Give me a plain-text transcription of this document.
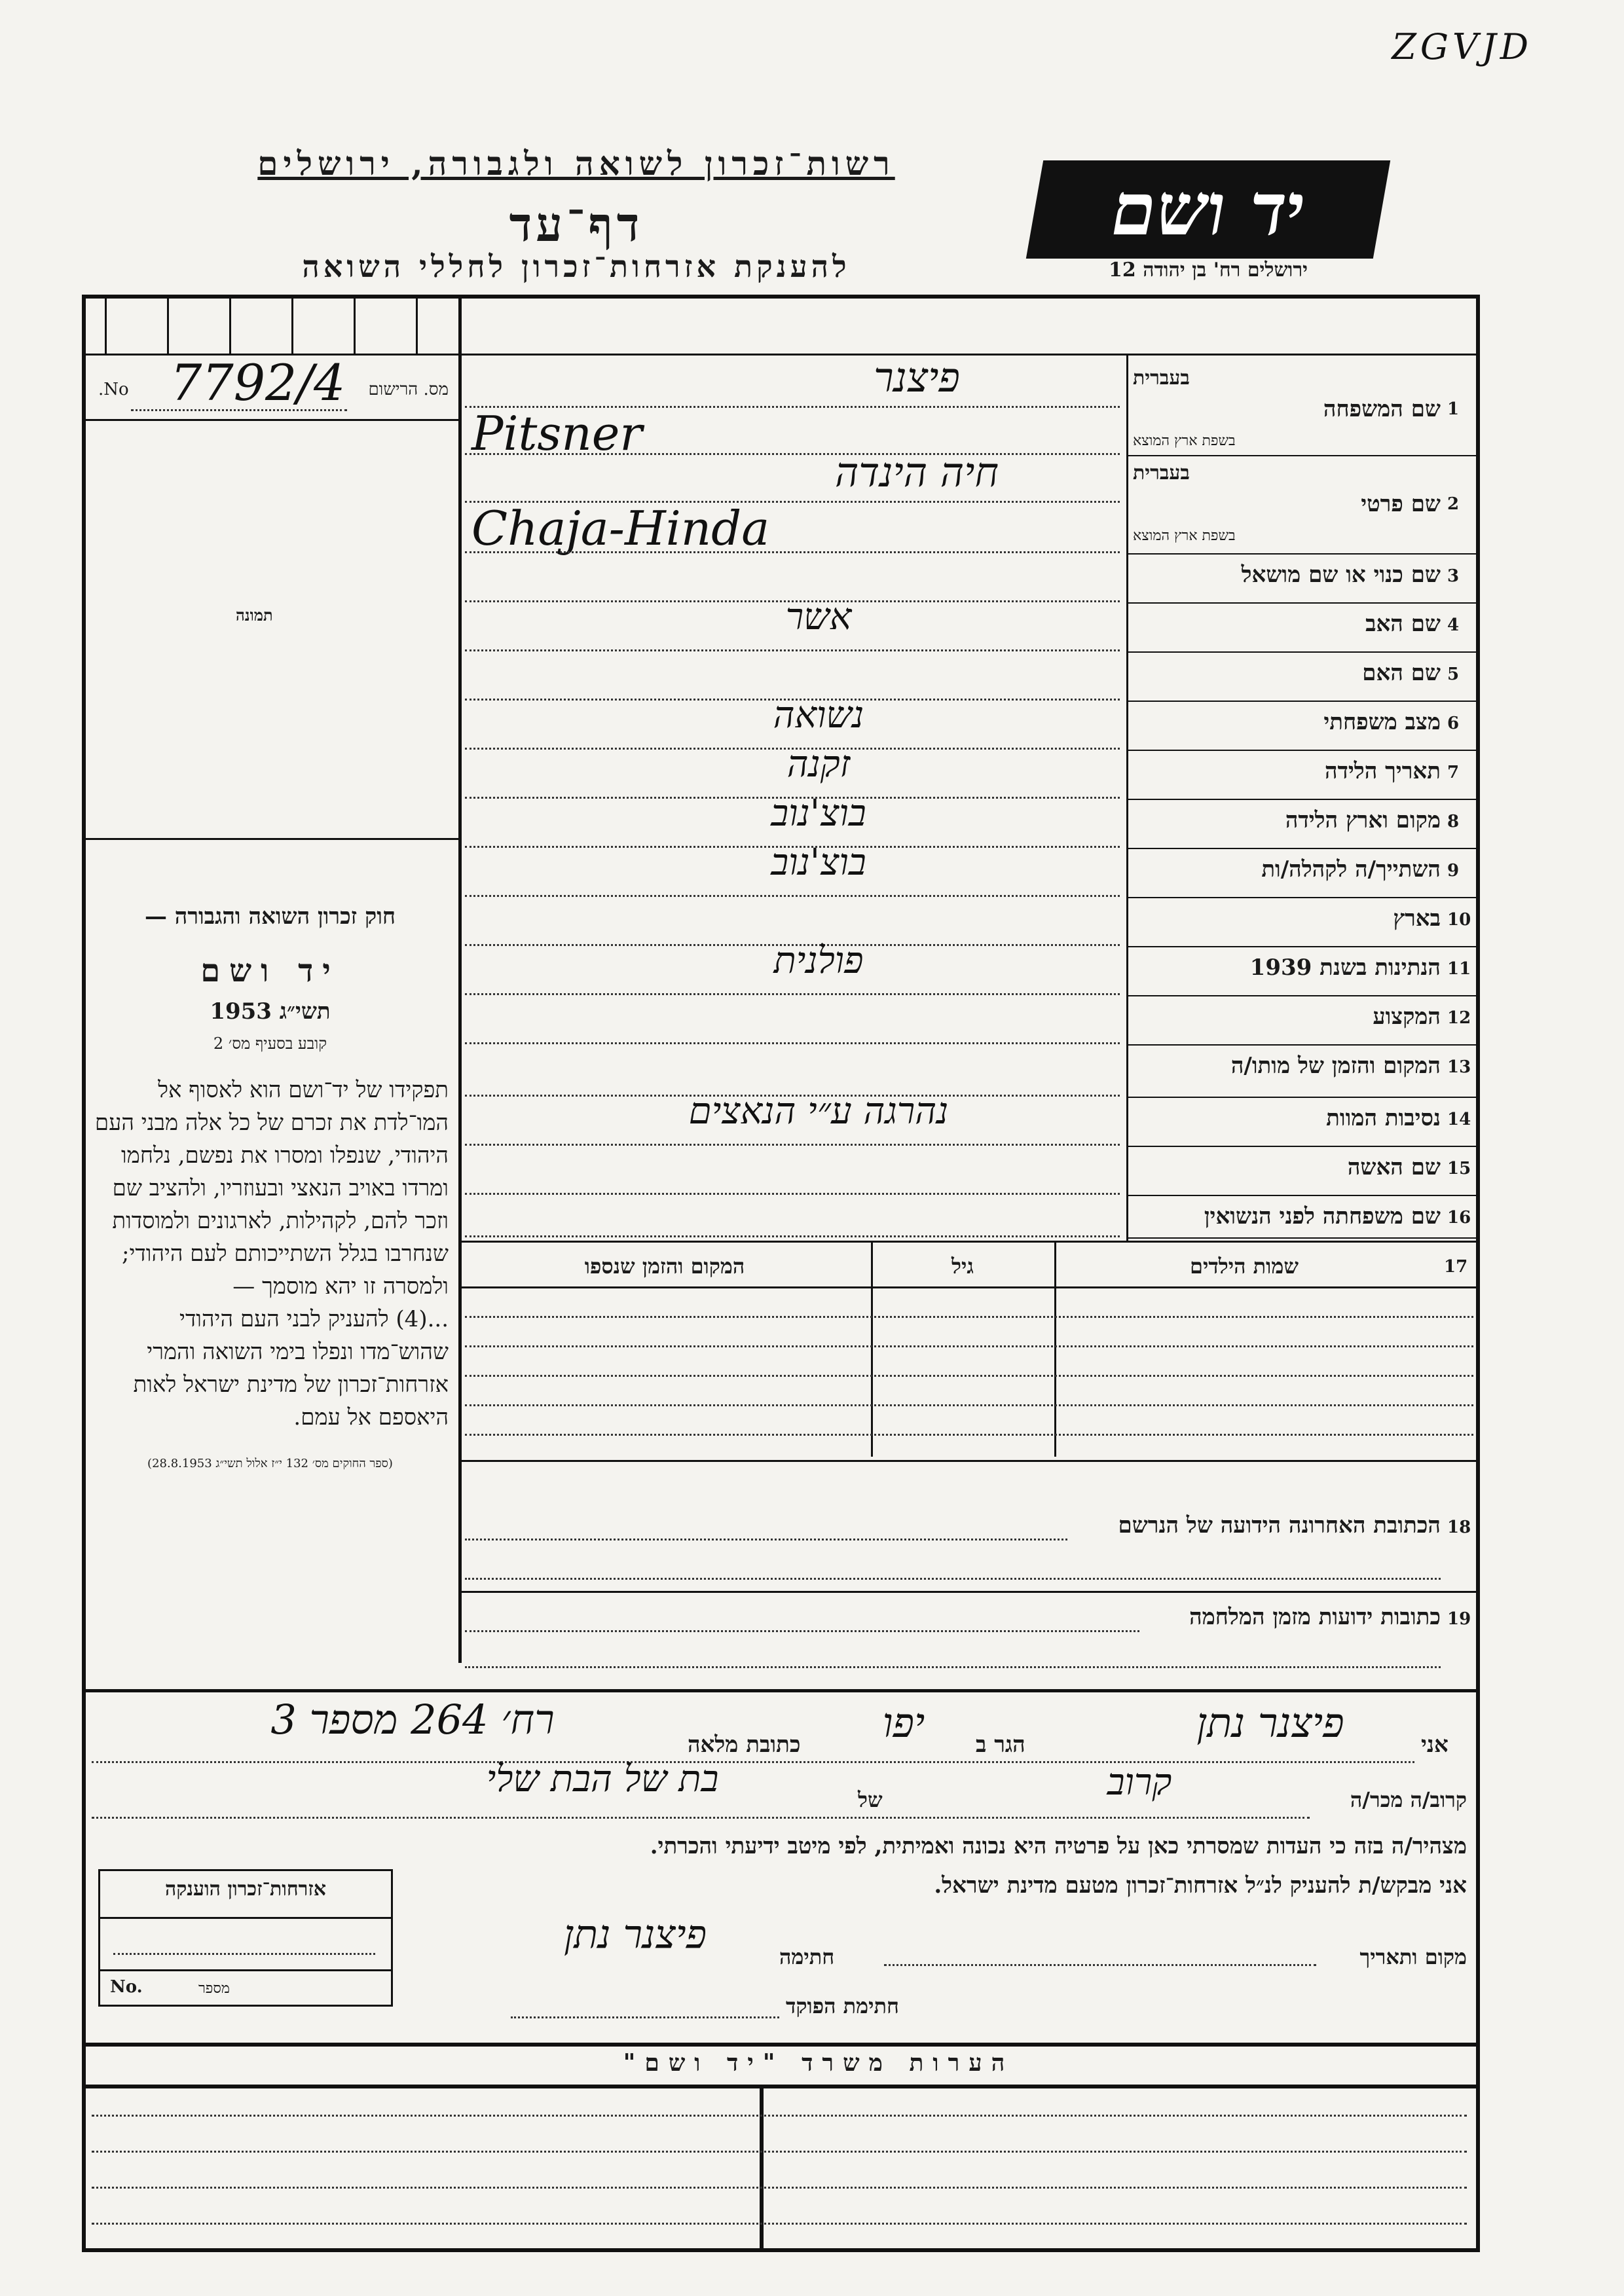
ZGVJD
רשות־זכרון לשואה ולגבורה, ירושלים
דף־עד
להענקת אזרחות־זכרון לחללי השואה
יד ושם
ירושלים רח' בן יהודה 12
מס. הרישום
No. 7792/4
תמונה
חוק זכרון השואה והגבורה —
יד ושם
תשי״ג 1953
קובע בסעיף מס׳ 2
תפקידו של יד־ושם הוא לאסוף אל המו־לדת את זכרם של כל אלה מבני העם היהודי, שנפלו ומסרו את נפשם, נלחמו ומרדו באויב הנאצי ובעוזריו, ולהציב שם וזכר להם, לקהילות, לארגונים ולמוסדות שנחרבו בגלל השתייכותם לעם היהודי; ולמסרה זו יהא מוסמך —
...(4) להעניק לבני העם היהודי שהוש־מדו ונפלו בימי השואה והמרי אזרחות־זכרון של מדינת ישראל לאות היאספם אל עמם.
(ספר החוקים מס׳ 132 י״ז אלול תשי״ג 28.8.1953)
1
שם המשפחה
בעברית
בשפת ארץ המוצא
פיצנר
Pitsner
2
שם פרטי
בעברית
בשפת ארץ המוצא
חיה הינדה
Chaja-Hinda
3
שם כנוי או שם מושאל
4
שם האב
אשר
5
שם האם
6
מצב משפחתי
נשואה
7
תאריך הלידה
זקנה
8
מקום וארץ הלידה
בוצ'נוב
9
השתייך/ה לקהלה/ות
בוצ'נוב
10
בארץ
11
הנתינות בשנת 1939
פולנית
12
המקצוע
13
המקום והזמן של מותו/ה
14
נסיבות המוות
נהרגה ע״י הנאצים
15
שם האשה
16
שם משפחתה לפני הנשואין
17
שמות הילדים
גיל
המקום והזמן שנספו
הכתובת האחרונה הידועה של הנרשם 18
כתובות ידועות מזמן המלחמה 19
אני
פיצנר נתן
הגר ב
יפו
כתובת מלאה
רח׳ 264 מספר 3
קרוב/ה מכר/ה
קרוב
של
בת של הבת שלי
מצהיר/ה בזה כי העדות שמסרתי כאן על פרטיה היא נכונה ואמיתית, לפי מיטב ידיעתי והכרתי.
אני מבקש/ת להעניק לנ״ל אזרחות־זכרון מטעם מדינת ישראל.
מקום ותאריך
חתימה
פיצנר נתן
חתימת הפוקד
אזרחות־זכרון הוענקה
No.	מספר
הערות משרד "יד ושם"
